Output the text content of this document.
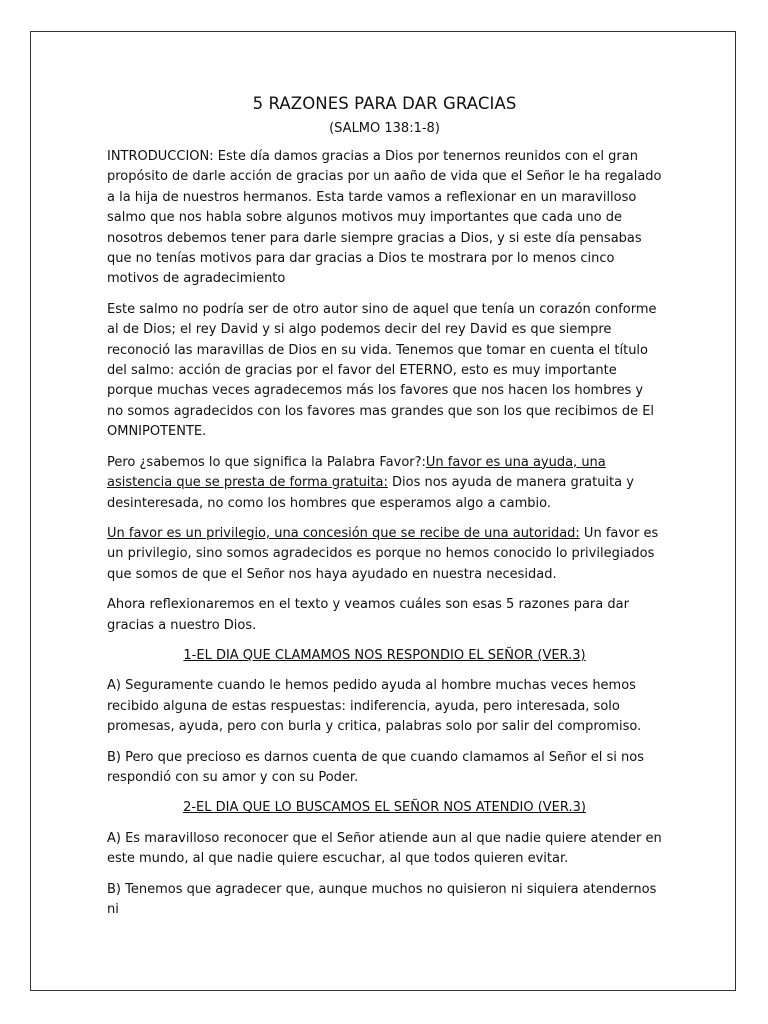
5 RAZONES PARA DAR GRACIAS
(SALMO 138:1-8)

INTRODUCCION: Este día damos gracias a Dios por tenernos reunidos con el gran propósito de darle acción de gracias por un aaño de vida que el Señor le ha regalado a la hija de nuestros hermanos. Esta tarde vamos a reflexionar en un maravilloso salmo que nos habla sobre algunos motivos muy importantes que cada uno de nosotros debemos tener para darle siempre gracias a Dios, y si este día pensabas que no tenías motivos para dar gracias a Dios te mostrara por lo menos cinco motivos de agradecimiento

Este salmo no podría ser de otro autor sino de aquel que tenía un corazón conforme al de Dios; el rey David y si algo podemos decir del rey David es que siempre reconoció las maravillas de Dios en su vida. Tenemos que tomar en cuenta el título del salmo: acción de gracias por el favor del ETERNO, esto es muy importante porque muchas veces agradecemos más los favores que nos hacen los hombres y no somos agradecidos con los favores mas grandes que son los que recibimos de El OMNIPOTENTE.

Pero ¿sabemos lo que significa la Palabra Favor?:Un favor es una ayuda, una asistencia que se presta de forma gratuita: Dios nos ayuda de manera gratuita y desinteresada, no como los hombres que esperamos algo a cambio.

Un favor es un privilegio, una concesión que se recibe de una autoridad: Un favor es un privilegio, sino somos agradecidos es porque no hemos conocido lo privilegiados que somos de que el Señor nos haya ayudado en nuestra necesidad.

Ahora reflexionaremos en el texto y veamos cuáles son esas 5 razones para dar gracias a nuestro Dios.

1-EL DIA QUE CLAMAMOS NOS RESPONDIO EL SEÑOR (VER.3)

A) Seguramente cuando le hemos pedido ayuda al hombre muchas veces hemos recibido alguna de estas respuestas: indiferencia, ayuda, pero interesada, solo promesas, ayuda, pero con burla y critica, palabras solo por salir del compromiso.

B) Pero que precioso es darnos cuenta de que cuando clamamos al Señor el si nos respondió con su amor y con su Poder.

2-EL DIA QUE LO BUSCAMOS EL SEÑOR NOS ATENDIO (VER.3)

A) Es maravilloso reconocer que el Señor atiende aun al que nadie quiere atender en este mundo, al que nadie quiere escuchar, al que todos quieren evitar.

B) Tenemos que agradecer que, aunque muchos no quisieron ni siquiera atendernos ni
